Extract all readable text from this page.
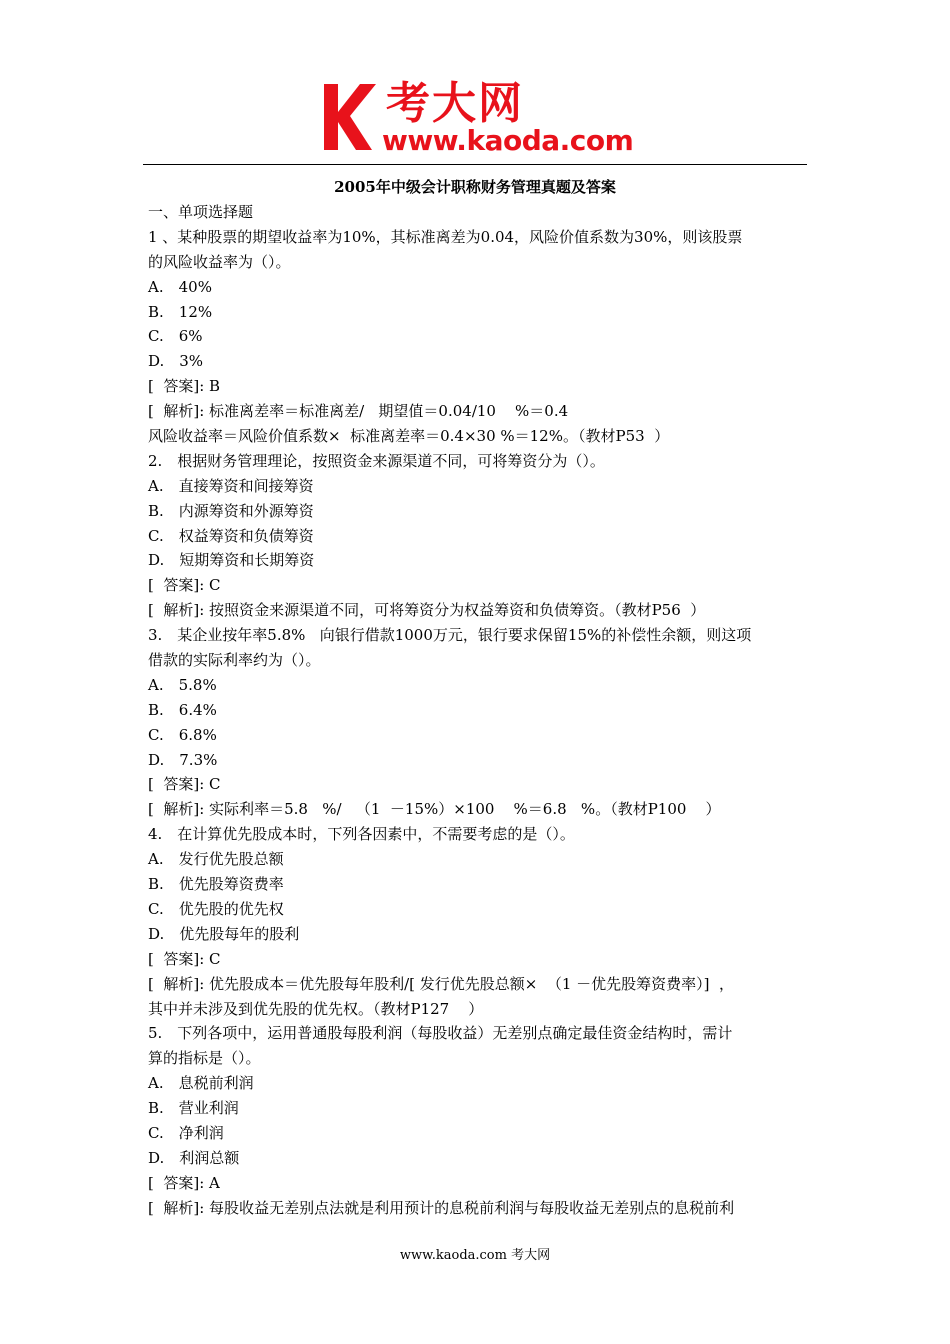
考大网
www.kaoda.com
2005年中级会计职称财务管理真题及答案
一、单项选择题
1 、某种股票的期望收益率为10%，其标准离差为0.04，风险价值系数为30%，则该股票
的风险收益率为（）。
A.　40%
B.　12%
C.　6%
D.　3%
[  答案]: B
[  解析]: 标准离差率＝标准离差/   期望值＝0.04/10    %＝0.4
风险收益率＝风险价值系数×  标准离差率＝0.4×30 %＝12%。（教材P53  ）
2.　根据财务管理理论，按照资金来源渠道不同，可将筹资分为（）。
A.　直接筹资和间接筹资
B.　内源筹资和外源筹资
C.　权益筹资和负债筹资
D.　短期筹资和长期筹资
[  答案]: C
[  解析]: 按照资金来源渠道不同，可将筹资分为权益筹资和负债筹资。（教材P56  ）
3.　某企业按年率5.8%   向银行借款1000万元，银行要求保留15%的补偿性余额，则这项
借款的实际利率约为（）。
A.　5.8%
B.　6.4%
C.　6.8%
D.　7.3%
[  答案]: C
[  解析]: 实际利率＝5.8   %/   （1  －15%）×100    %＝6.8   %。（教材P100    ）
4.　在计算优先股成本时，下列各因素中，不需要考虑的是（）。
A.　发行优先股总额
B.　优先股筹资费率
C.　优先股的优先权
D.　优先股每年的股利
[  答案]: C
[  解析]: 优先股成本＝优先股每年股利/[ 发行优先股总额×  （1 －优先股筹资费率）]  ，
其中并未涉及到优先股的优先权。（教材P127    ）
5.　下列各项中，运用普通股每股利润（每股收益）无差别点确定最佳资金结构时，需计
算的指标是（）。
A.　息税前利润
B.　营业利润
C.　净利润
D.　利润总额
[  答案]: A
[  解析]: 每股收益无差别点法就是利用预计的息税前利润与每股收益无差别点的息税前利
www.kaoda.com 考大网
